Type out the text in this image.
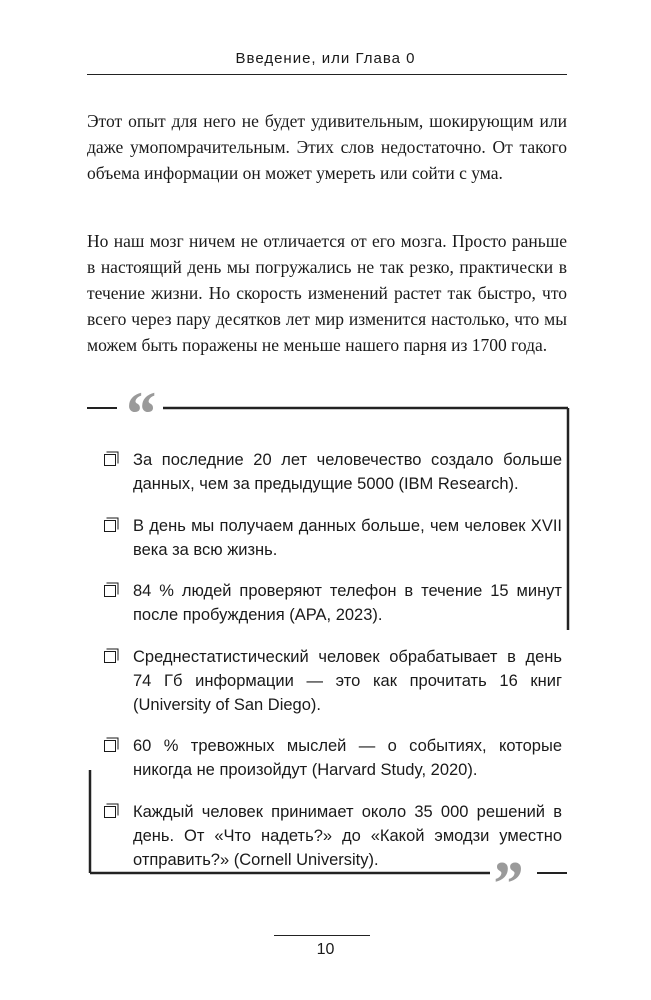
Введение, или Глава 0

Этот опыт для него не будет удивительным, шокирующим или даже умопомрачительным. Этих слов недостаточно. От такого объема информации он может умереть или сойти с ума.

Но наш мозг ничем не отличается от его мозга. Просто раньше в настоящий день мы погружались не так резко, практически в течение жизни. Но скорость изменений растет так быстро, что всего через пару десятков лет мир изменится настолько, что мы можем быть поражены не меньше нашего парня из 1700 года.

“
”
За последние 20 лет человечество создало больше данных, чем за предыдущие 5000 (IBM Research).
В день мы получаем данных больше, чем человек XVII века за всю жизнь.
84 % людей проверяют телефон в течение 15 минут после пробуждения (APA, 2023).
Среднестатистический человек обрабатывает в день 74 Гб информации — это как прочитать 16 книг (University of San Diego).
60 % тревожных мыслей — о событиях, которые никогда не произойдут (Harvard Study, 2020).
Каждый человек принимает около 35 000 решений в день. От «Что надеть?» до «Какой эмодзи уместно отправить?» (Cornell University).
10
